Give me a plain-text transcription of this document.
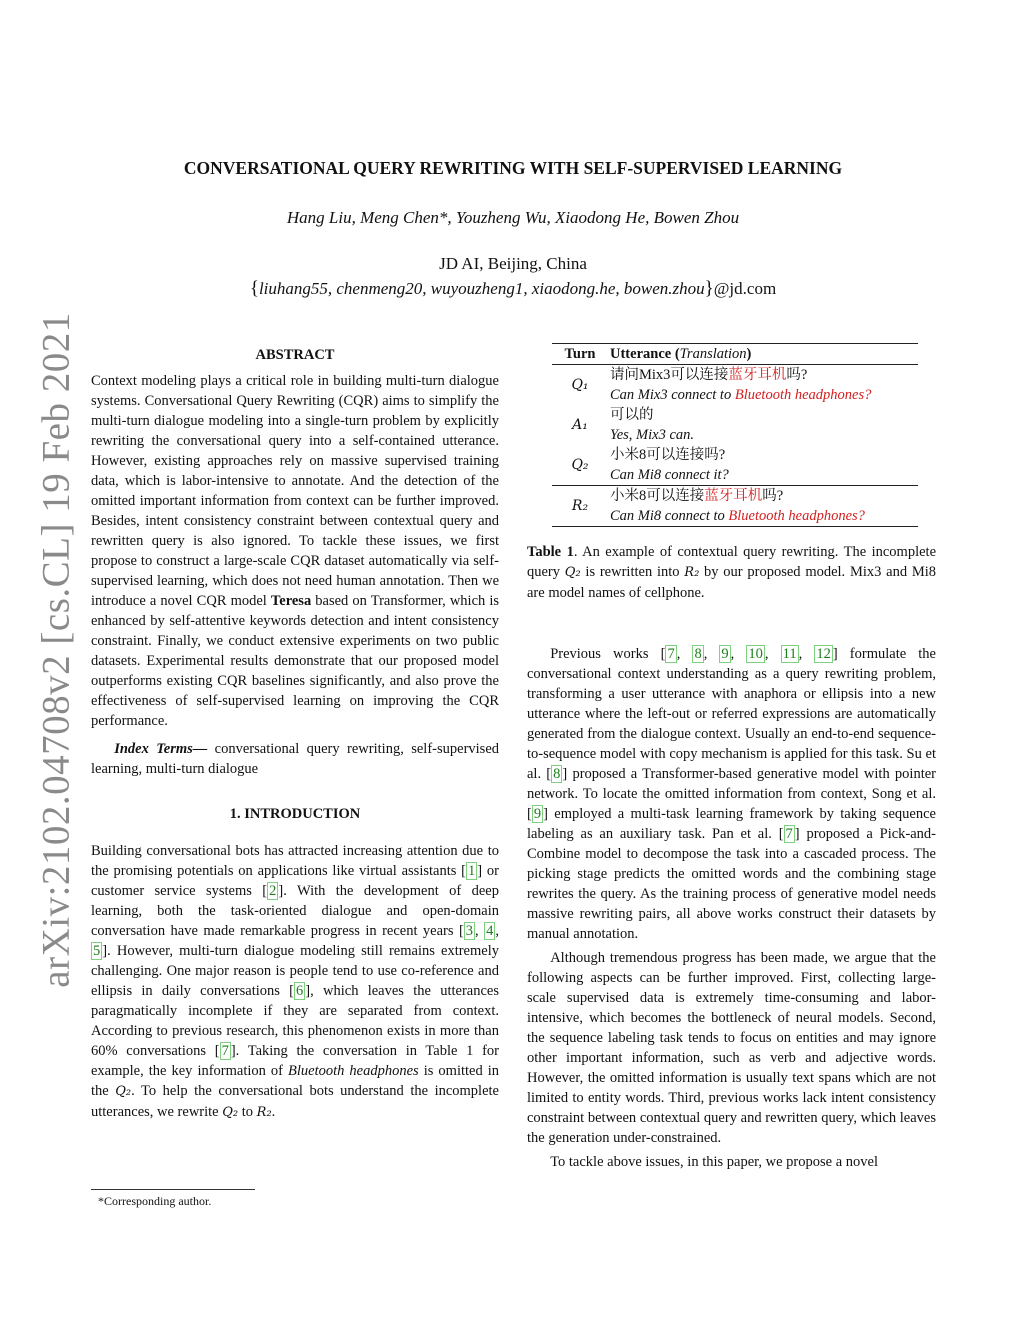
arXiv:2102.04708v2 [cs.CL] 19 Feb 2021
CONVERSATIONAL QUERY REWRITING WITH SELF-SUPERVISED LEARNING
Hang Liu, Meng Chen*, Youzheng Wu, Xiaodong He, Bowen Zhou
JD AI, Beijing, China
{liuhang55, chenmeng20, wuyouzheng1, xiaodong.he, bowen.zhou}@jd.com
ABSTRACT

Context modeling plays a critical role in building multi-turn dialogue systems. Conversational Query Rewriting (CQR) aims to simplify the multi-turn dialogue modeling into a single-turn problem by explicitly rewriting the conversational query into a self-contained utterance. However, existing approaches rely on massive supervised training data, which is labor-intensive to annotate. And the detection of the omitted important information from context can be further improved. Besides, intent consistency constraint between contextual query and rewritten query is also ignored. To tackle these issues, we first propose to construct a large-scale CQR dataset automatically via self-supervised learning, which does not need human annotation. Then we introduce a novel CQR model Teresa based on Transformer, which is enhanced by self-attentive keywords detection and intent consistency constraint. Finally, we conduct extensive experiments on two public datasets. Experimental results demonstrate that our proposed model outperforms existing CQR baselines significantly, and also prove the effectiveness of self-supervised learning on improving the CQR performance.

Index Terms— conversational query rewriting, self-supervised learning, multi-turn dialogue

1. INTRODUCTION

Building conversational bots has attracted increasing attention due to the promising potentials on applications like virtual assistants [ 1 ] or customer service systems [ 2 ]. With the development of deep learning, both the task-oriented dialogue and open-domain conversation have made remarkable progress in recent years [ 3 , 4 , 5 ]. However, multi-turn dialogue modeling still remains extremely challenging. One major reason is people tend to use co-reference and ellipsis in daily conversations [ 6 ], which leaves the utterances paragmatically incomplete if they are separated from context. According to previous research, this phenomenon exists in more than 60% conversations [ 7 ]. Taking the conversation in Table 1 for example, the key information of Bluetooth headphones is omitted in the Q₂. To help the conversational bots understand the incomplete utterances, we rewrite Q₂ to R₂.

*Corresponding author.
Turn	Utterance (Translation)
Q₁	请问Mix3可以连接蓝牙耳机吗?
	Can Mix3 connect to Bluetooth headphones?
A₁	可以的
	Yes, Mix3 can.
Q₂	小米8可以连接吗?
	Can Mi8 connect it?
R₂	小米8可以连接蓝牙耳机吗?
	Can Mi8 connect to Bluetooth headphones?
Table 1. An example of contextual query rewriting. The incomplete query Q₂ is rewritten into R₂ by our proposed model. Mix3 and Mi8 are model names of cellphone.

Previous works [ 7 , 8 , 9 , 10 , 11 , 12 ] formulate the conversational context understanding as a query rewriting problem, transforming a user utterance with anaphora or ellipsis into a new utterance where the left-out or referred expressions are automatically generated from the dialogue context. Usually an end-to-end sequence-to-sequence model with copy mechanism is applied for this task. Su et al. [ 8 ] proposed a Transformer-based generative model with pointer network. To locate the omitted information from context, Song et al. [ 9 ] employed a multi-task learning framework by taking sequence labeling as an auxiliary task. Pan et al. [ 7 ] proposed a Pick-and-Combine model to decompose the task into a cascaded process. The picking stage predicts the omitted words and the combining stage rewrites the query. As the training process of generative model needs massive rewriting pairs, all above works construct their datasets by manual annotation.

Although tremendous progress has been made, we argue that the following aspects can be further improved. First, collecting large-scale supervised data is extremely time-consuming and labor-intensive, which becomes the bottleneck of neural models. Second, the sequence labeling task tends to focus on entities and may ignore other important information, such as verb and adjective words. However, the omitted information is usually text spans which are not limited to entity words. Third, previous works lack intent consistency constraint between contextual query and rewritten query, which leaves the generation under-constrained.

To tackle above issues, in this paper, we propose a novel
